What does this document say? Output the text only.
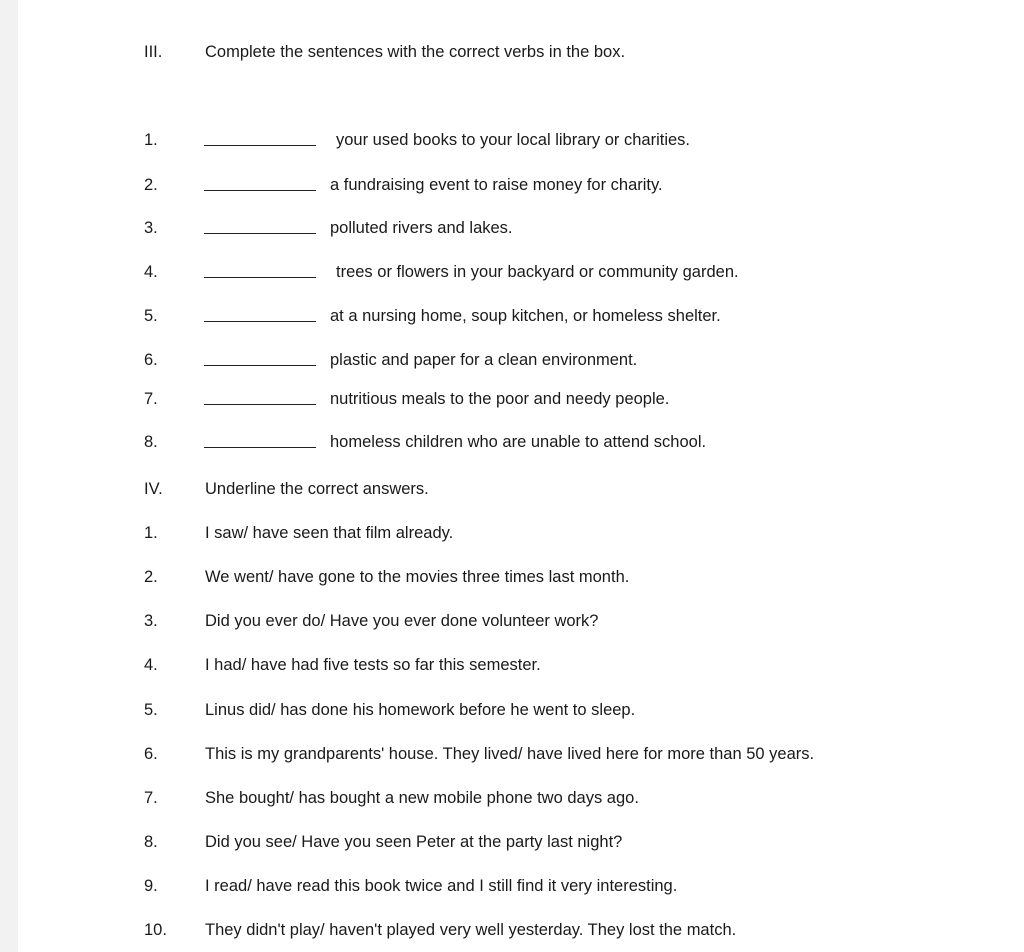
III.	Complete the sentences with the correct verbs in the box.
1.	your used books to your local library or charities.
2.	a fundraising event to raise money for charity.
3.	polluted rivers and lakes.
4.	trees or flowers in your backyard or community garden.
5.	at a nursing home, soup kitchen, or homeless shelter.
6.	plastic and paper for a clean environment.
7.	nutritious meals to the poor and needy people.
8.	homeless children who are unable to attend school.
IV.	Underline the correct answers.
1.	I saw/ have seen that film already.
2.	We went/ have gone to the movies three times last month.
3.	Did you ever do/ Have you ever done volunteer work?
4.	I had/ have had five tests so far this semester.
5.	Linus did/ has done his homework before he went to sleep.
6.	This is my grandparents' house. They lived/ have lived here for more than 50 years.
7.	She bought/ has bought a new mobile phone two days ago.
8.	Did you see/ Have you seen Peter at the party last night?
9.	I read/ have read this book twice and I still find it very interesting.
10. They didn't play/ haven't played very well yesterday. They lost the match.
